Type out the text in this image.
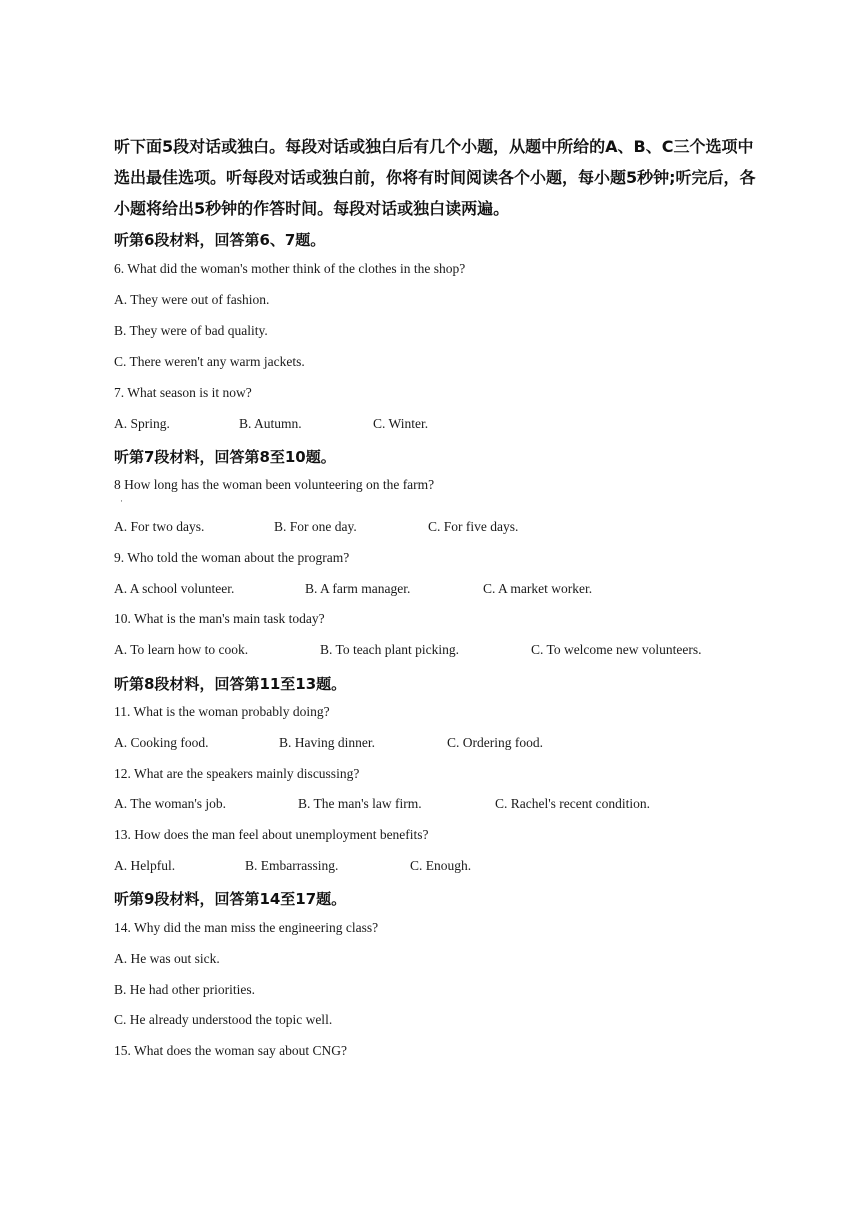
听下面5段对话或独白。每段对话或独白后有几个小题，从题中所给的A、B、C三个选项中

选出最佳选项。听每段对话或独白前，你将有时间阅读各个小题，每小题5秒钟;听完后，各

小题将给出5秒钟的作答时间。每段对话或独白读两遍。

听第6段材料，回答第6、7题。
6. What did the woman's mother think of the clothes in the shop?
A. They were out of fashion.
B. They were of bad quality.
C. There weren't any warm jackets.
7. What season is it now?
A. Spring.	B. Autumn.	C. Winter.
听第7段材料，回答第8至10题。
8 How long has the woman been volunteering on the farm?
·
A. For two days.	B. For one day.	C. For five days.
9. Who told the woman about the program?
A. A school volunteer.	B. A farm manager.	C. A market worker.
10. What is the man's main task today?
A. To learn how to cook.	B. To teach plant picking.	C. To welcome new volunteers.
听第8段材料，回答第11至13题。
11. What is the woman probably doing?
A. Cooking food.	B. Having dinner.	C. Ordering food.
12. What are the speakers mainly discussing?
A. The woman's job.	B. The man's law firm.	C. Rachel's recent condition.
13. How does the man feel about unemployment benefits?
A. Helpful.	B. Embarrassing.	C. Enough.
听第9段材料，回答第14至17题。
14. Why did the man miss the engineering class?
A. He was out sick.
B. He had other priorities.
C. He already understood the topic well.
15. What does the woman say about CNG?
